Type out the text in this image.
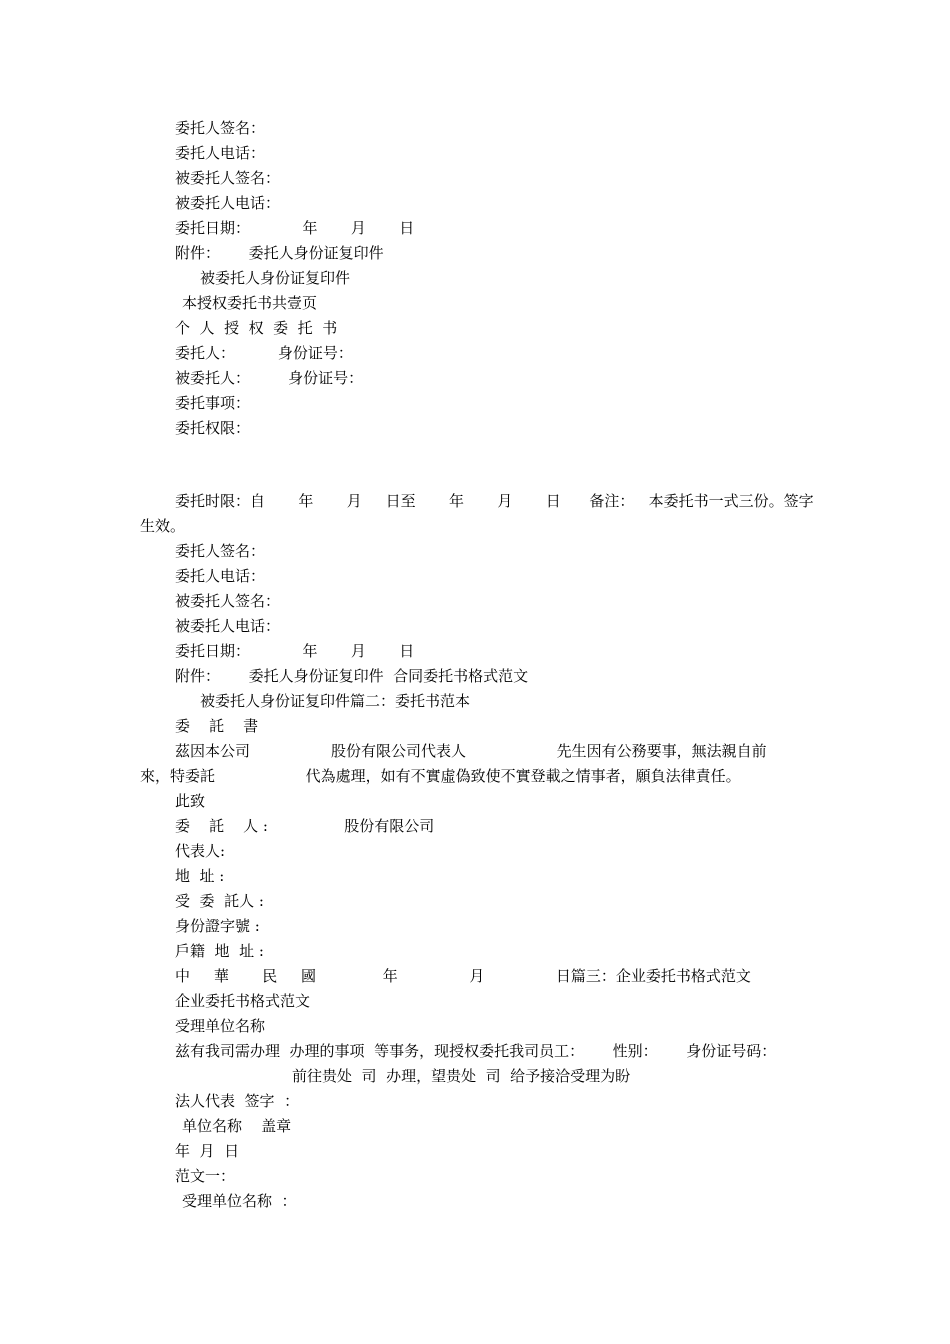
委托人签名：
委托人电话：
被委托人签名：
被委托人电话：
委托日期：           年       月       日
附件：      委托人身份证复印件
被委托人身份证复印件
本授权委托书共壹页
个  人  授  权  委  托  书
委托人：         身份证号：
被委托人：        身份证号：
委托事项：
委托权限：
委托时限：自       年       月     日至       年       月       日      备注：   本委托书一式三份。签字
生效。
委托人签名：
委托人电话：
被委托人签名：
被委托人电话：
委托日期：           年       月       日
附件：      委托人身份证复印件  合同委托书格式范文
被委托人身份证复印件篇二：委托书范本
委    託    書
茲因本公司                 股份有限公司代表人                   先生因有公務要事，無法親自前
來，特委託                   代為處理，如有不實虛偽致使不實登載之情事者，願負法律責任。
此致
委    託    人 :                股份有限公司
代表人:
地  址 :
受  委  託人 :
身份證字號 :
戶籍  地  址 :
中     華       民     國              年               月               日篇三：企业委托书格式范文
企业委托书格式范文
受理单位名称
兹有我司需办理  办理的事项  等事务，现授权委托我司员工：      性别：      身份证号码：
前往贵处  司  办理，望贵处  司  给予接洽受理为盼
法人代表  签字  ：
单位名称    盖章
年  月  日
范文一：
受理单位名称  ：
